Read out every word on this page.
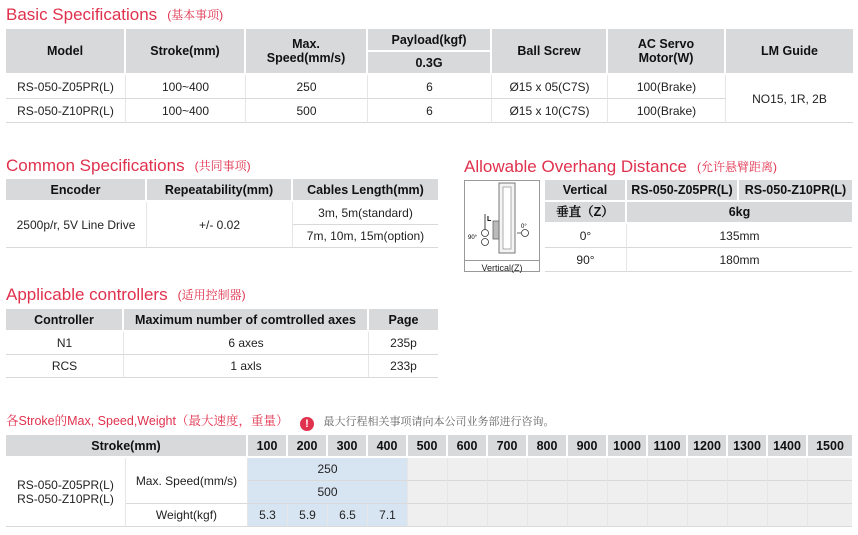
Basic Specifications (基本事项)
Model	Stroke(mm)	Max. Speed(mm/s)	Payload(kgf)	Ball Screw	AC Servo Motor(W)	LM Guide
			0.3G			
RS-050-Z05PR(L)	100~400	250	6	Ø15 x 05(C7S)	100(Brake)	NO15, 1R, 2B
RS-050-Z10PR(L)	100~400	500	6	Ø15 x 10(C7S)	100(Brake)	
Common Specifications (共同事项)
Encoder	Repeatability(mm)	Cables Length(mm)
2500p/r, 5V Line Drive	+/- 0.02	3m, 5m(standard)
		7m, 10m, 15m(option)
Allowable Overhang Distance (允许悬臂距离)
L
0°
90°
Vertical(Z)
Vertical	RS-050-Z05PR(L)	RS-050-Z10PR(L)
垂直（Z）	6kg	
0°	135mm	
90°	180mm	
Applicable controllers (适用控制器)
Controller	Maximum number of comtrolled axes	Page
N1	6 axes	235p
RCS	1 axls	233p
各Stroke的Max, Speed,Weight（最大速度，重量） ! 最大行程相关事项请向本公司业务部进行咨询。
Stroke(mm)		100	200	300	400	500	600	700	800	900	1000	1100	1200	1300	1400	1500

RS-050-Z05PR(L)
RS-050-Z10PR(L)	Max. Speed(mm/s)	250														
		500														
	Weight(kgf)	5.3	5.9	6.5	7.1											
